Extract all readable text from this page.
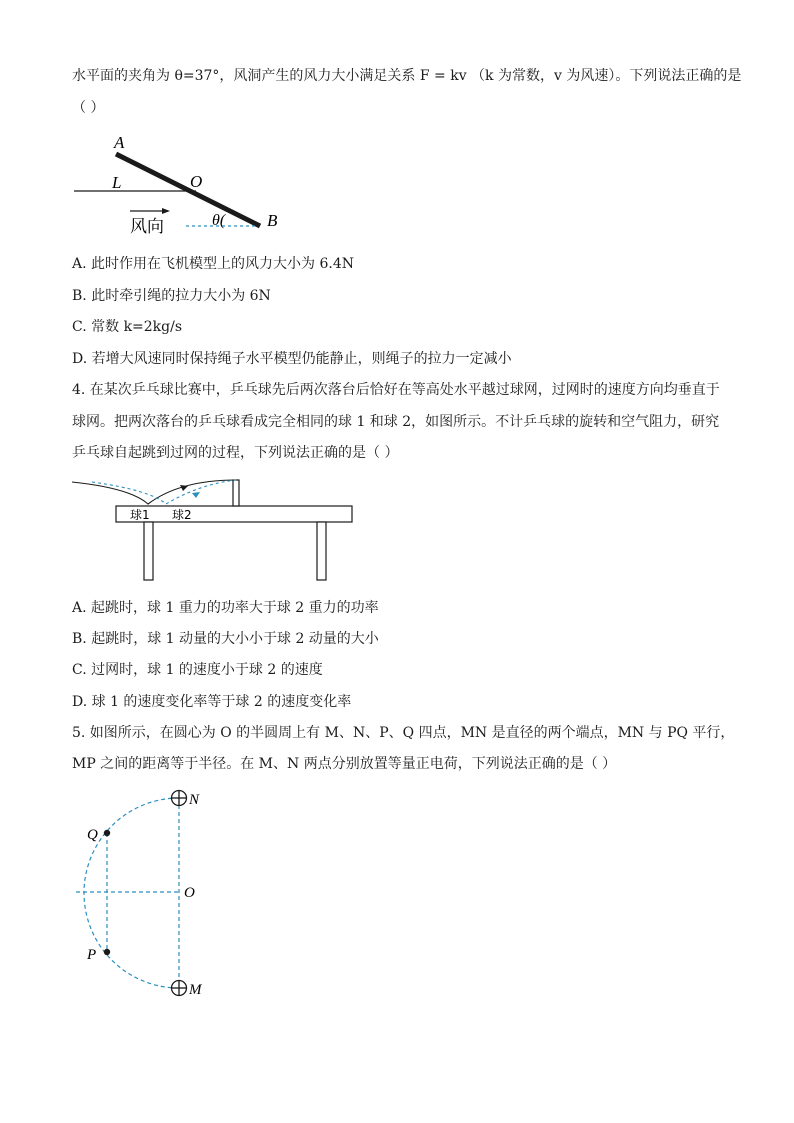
水平面的夹角为 θ=37°，风洞产生的风力大小满足关系 F = kv （k 为常数，v 为风速）。下列说法正确的是
（ ）
A
L	O
θ( B
风向
A. 此时作用在飞机模型上的风力大小为 6.4N
B. 此时牵引绳的拉力大小为 6N
C. 常数 k=2kg/s
D. 若增大风速同时保持绳子水平模型仍能静止，则绳子的拉力一定减小
4. 在某次乒乓球比赛中，乒乓球先后两次落台后恰好在等高处水平越过球网，过网时的速度方向均垂直于
球网。把两次落台的乒乓球看成完全相同的球 1 和球 2，如图所示。不计乒乓球的旋转和空气阻力，研究
乒乓球自起跳到过网的过程，下列说法正确的是（ ）
球1 球2
A. 起跳时，球 1 重力的功率大于球 2 重力的功率
B. 起跳时，球 1 动量的大小小于球 2 动量的大小
C. 过网时，球 1 的速度小于球 2 的速度
D. 球 1 的速度变化率等于球 2 的速度变化率
5. 如图所示，在圆心为 O 的半圆周上有 M、N、P、Q 四点，MN 是直径的两个端点，MN 与 PQ 平行，
MP 之间的距离等于半径。在 M、N 两点分别放置等量正电荷，下列说法正确的是（ ）
N
Q
O
P
M
